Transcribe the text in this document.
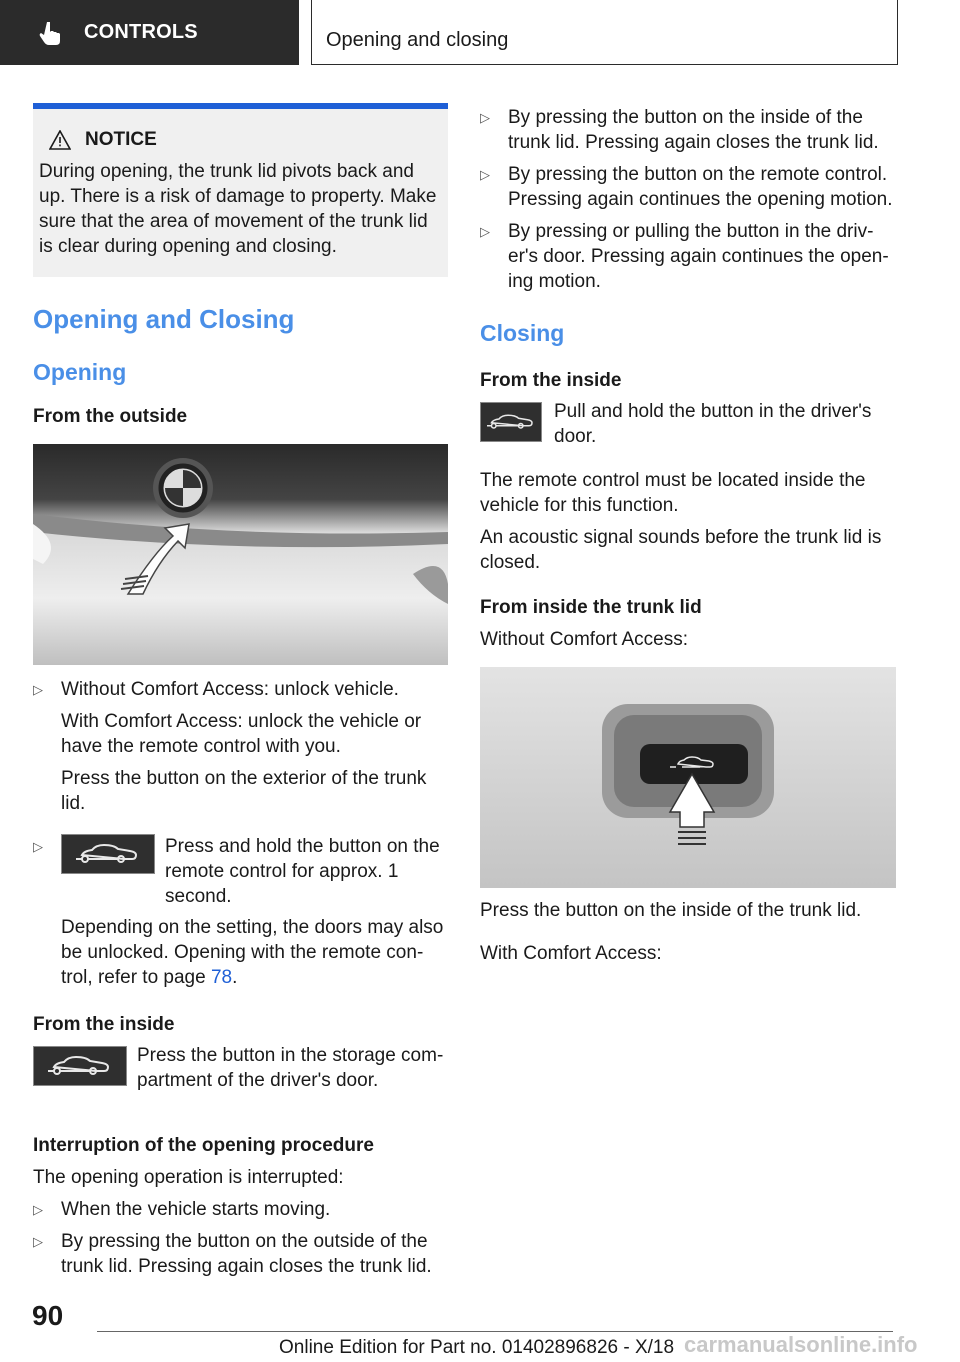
CONTROLS	Opening and closing
NOTICE

During opening, the trunk lid pivots back and up. There is a risk of damage to property. Make sure that the area of movement of the trunk lid is clear during opening and closing.

Opening and Closing
Opening
From the outside
▷ Without Comfort Access: unlock vehicle.

With Comfort Access: unlock the vehicle or have the remote control with you.

Press the button on the exterior of the trunk lid.

▷	Press and hold the button on the remote control for approx. 1 second.

Depending on the setting, the doors may also be unlocked. Opening with the remote control, refer to page 78.

From the inside

Press the button in the storage compartment of the driver's door.

Interruption of the opening procedure

The opening operation is interrupted:

▷ When the vehicle starts moving.

▷ By pressing the button on the outside of the trunk lid. Pressing again closes the trunk lid.

▷ By pressing the button on the inside of the trunk lid. Pressing again closes the trunk lid.

▷ By pressing the button on the remote control. Pressing again continues the opening motion.

▷ By pressing or pulling the button in the driver's door. Pressing again continues the opening motion.

Closing
From the inside

Pull and hold the button in the driver's door.

The remote control must be located inside the vehicle for this function.

An acoustic signal sounds before the trunk lid is closed.

From inside the trunk lid

Without Comfort Access:

Press the button on the inside of the trunk lid.

With Comfort Access:

90
Online Edition for Part no. 01402896826 - X/18 carmanualsonline.info
